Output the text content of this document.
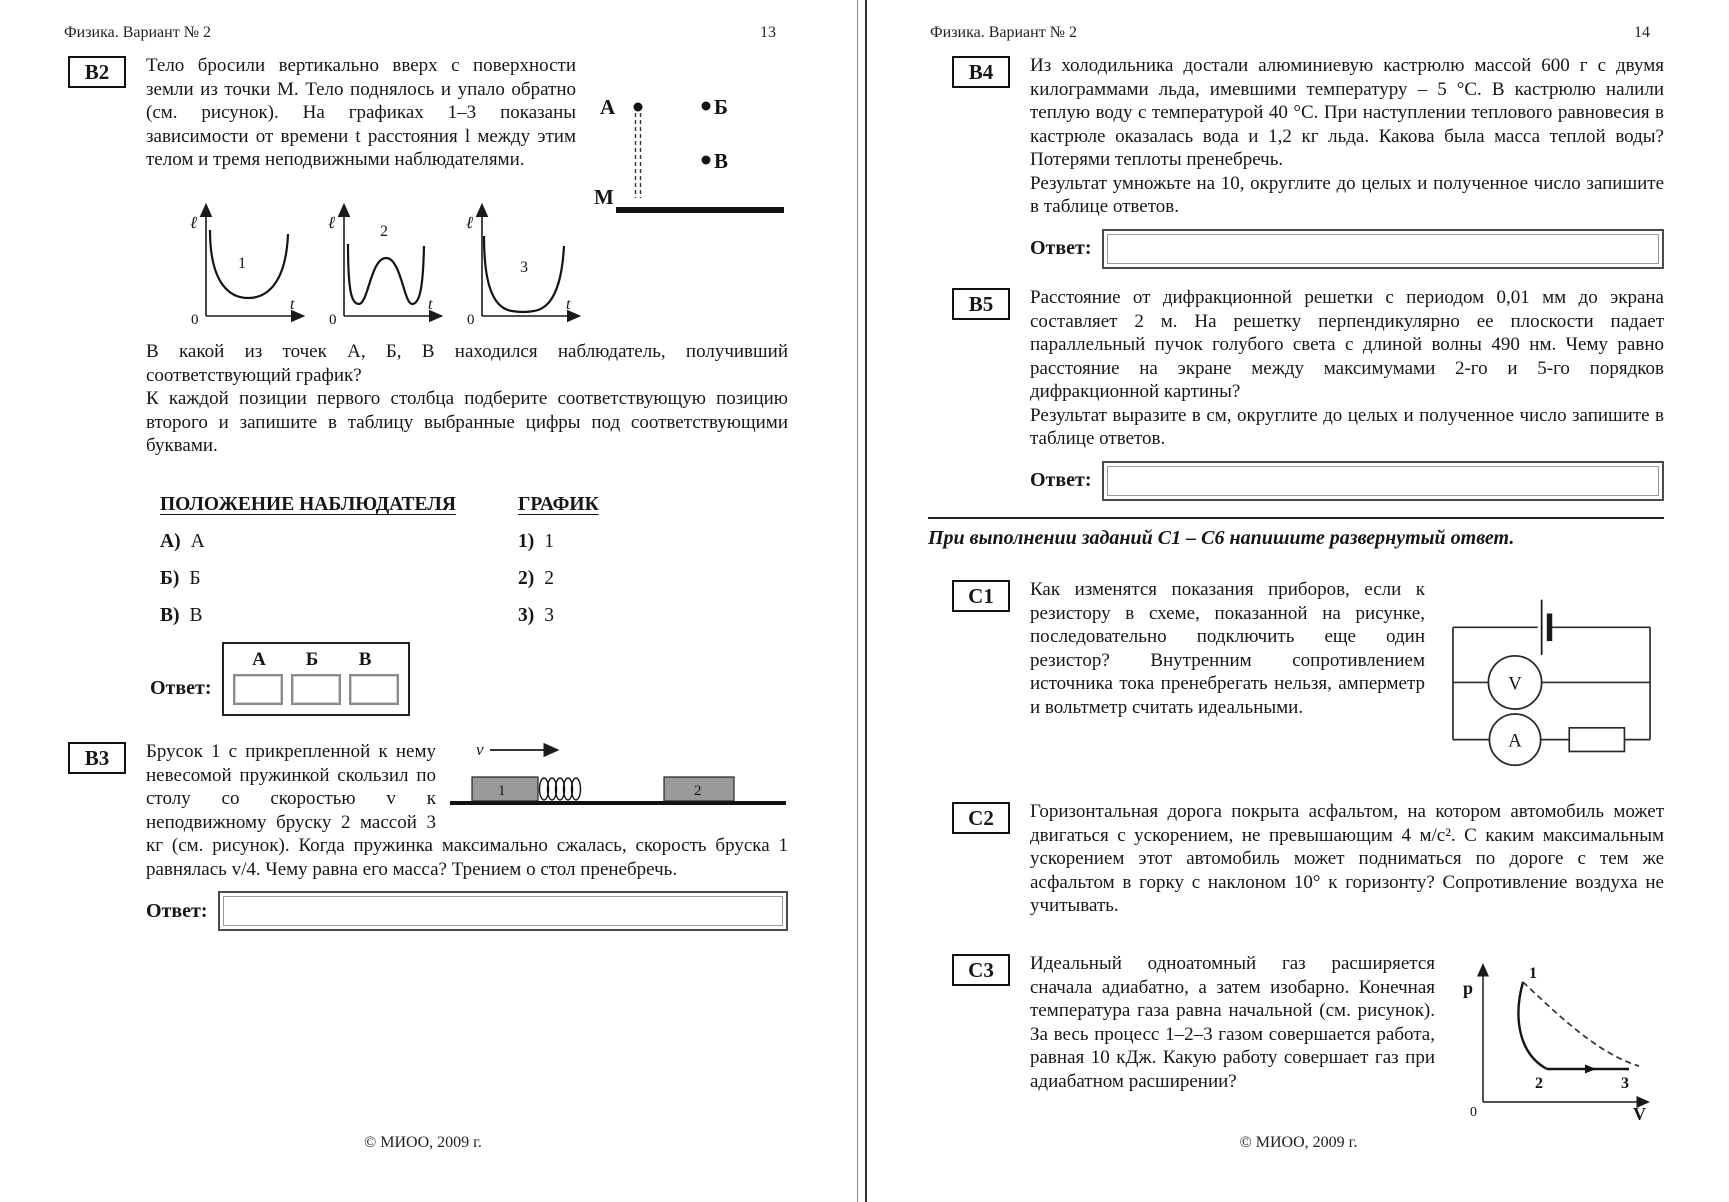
Физика. Вариант № 2	13
В2
А
М
Б
В

Тело бросили вертикально вверх с поверхности земли из точки М. Тело поднялось и упало обратно (см. рисунок). На графиках 1–3 показаны зависимости от времени t расстояния l между этим телом и тремя неподвижными наблюдателями.

ℓ
0
t
1
ℓ
0
t
2	ℓ
0
t
3

В какой из точек А, Б, В находился наблюдатель, получивший соответствующий график?

К каждой позиции первого столбца подберите соответствующую позицию второго и запишите в таблицу выбранные цифры под соответствующими буквами.

ПОЛОЖЕНИЕ НАБЛЮДАТЕЛЯ	ГРАФИК
А) А	1) 1
Б) Б	2) 2
В) В	3) 3
Ответ:
А	Б	В
В3	v
1	2

Брусок 1 с прикрепленной к нему невесомой пружинкой скользил по столу со скоростью v к неподвижному бруску 2 массой 3 кг (см. рисунок). Когда пружинка максимально сжалась, скорость бруска 1 равнялась v/4. Чему равна его масса? Трением о стол пренебречь.

Ответ:
© МИОО, 2009 г.
Физика. Вариант № 2	14
В4 Из холодильника достали алюминиевую кастрюлю массой 600 г с двумя килограммами льда, имевшими температуру – 5 °С. В кастрюлю налили теплую воду с температурой 40 °С. При наступлении теплового равновесия в кастрюле оказалась вода и 1,2 кг льда. Какова была масса теплой воды? Потерями теплоты пренебречь.

Результат умножьте на 10, округлите до целых и полученное число запишите в таблице ответов.

Ответ:
В5 Расстояние от дифракционной решетки с периодом 0,01 мм до экрана составляет 2 м. На решетку перпендикулярно ее плоскости падает параллельный пучок голубого света с длиной волны 490 нм. Чему равно расстояние на экране между максимумами 2-го и 5-го порядков дифракционной картины?

Результат выразите в см, округлите до целых и полученное число запишите в таблице ответов.

Ответ:
При выполнении заданий С1 – С6 напишите развернутый ответ.
С1
V
A

Как изменятся показания приборов, если к резистору в схеме, показанной на рисунке, последовательно подключить еще один резистор? Внутренним сопротивлением источника тока пренебрегать нельзя, амперметр и вольтметр считать идеальными.

С2 Горизонтальная дорога покрыта асфальтом, на котором автомобиль может двигаться с ускорением, не превышающим 4 м/с². С каким максимальным ускорением этот автомобиль может подниматься по дороге с тем же асфальтом в горку с наклоном 10° к горизонту? Сопротивление воздуха не учитывать.

С3
p
V
0
1
2	3

Идеальный одноатомный газ расширяется сначала адиабатно, а затем изобарно. Конечная температура газа равна начальной (см. рисунок). За весь процесс 1–2–3 газом совершается работа, равная 10 кДж. Какую работу совершает газ при адиабатном расширении?

© МИОО, 2009 г.
